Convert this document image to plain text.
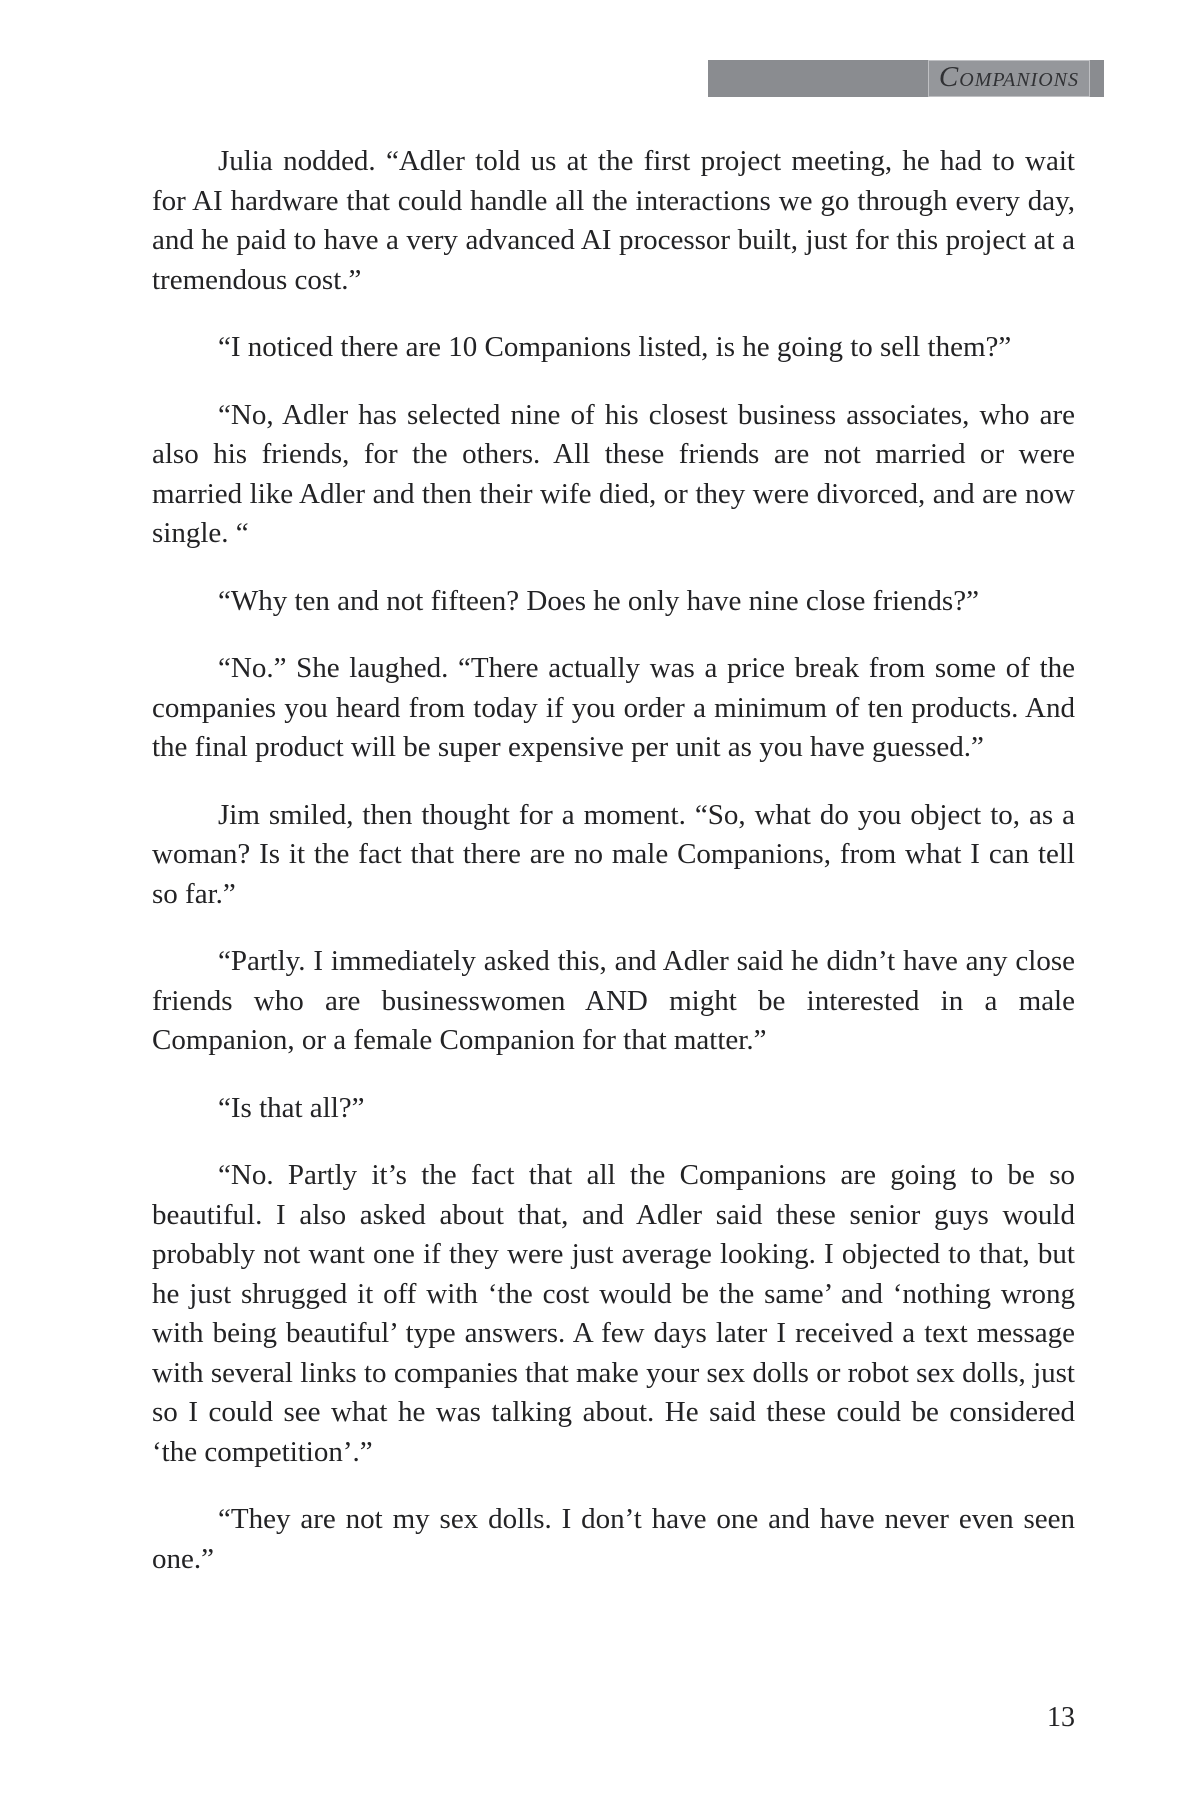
Companions

Julia nodded. “Adler told us at the first project meeting, he had to wait for AI hardware that could handle all the interactions we go through every day, and he paid to have a very advanced AI processor built, just for this project at a tremendous cost.”

“I noticed there are 10 Companions listed, is he going to sell them?”

“No, Adler has selected nine of his closest business associates, who are also his friends, for the others. All these friends are not married or were married like Adler and then their wife died, or they were divorced, and are now single. “

“Why ten and not fifteen? Does he only have nine close friends?”

“No.” She laughed. “There actually was a price break from some of the companies you heard from today if you order a minimum of ten products. And the final product will be super expensive per unit as you have guessed.”

Jim smiled, then thought for a moment. “So, what do you object to, as a woman? Is it the fact that there are no male Companions, from what I can tell so far.”

“Partly. I immediately asked this, and Adler said he didn’t have any close friends who are businesswomen AND might be interested in a male Companion, or a female Companion for that matter.”

“Is that all?”

“No. Partly it’s the fact that all the Companions are going to be so beautiful. I also asked about that, and Adler said these senior guys would probably not want one if they were just average looking. I objected to that, but he just shrugged it off with ‘the cost would be the same’ and ‘nothing wrong with being beautiful’ type answers. A few days later I received a text message with several links to companies that make your sex dolls or robot sex dolls, just so I could see what he was talking about. He said these could be considered ‘the competition’.”

“They are not my sex dolls. I don’t have one and have never even seen one.”

13
